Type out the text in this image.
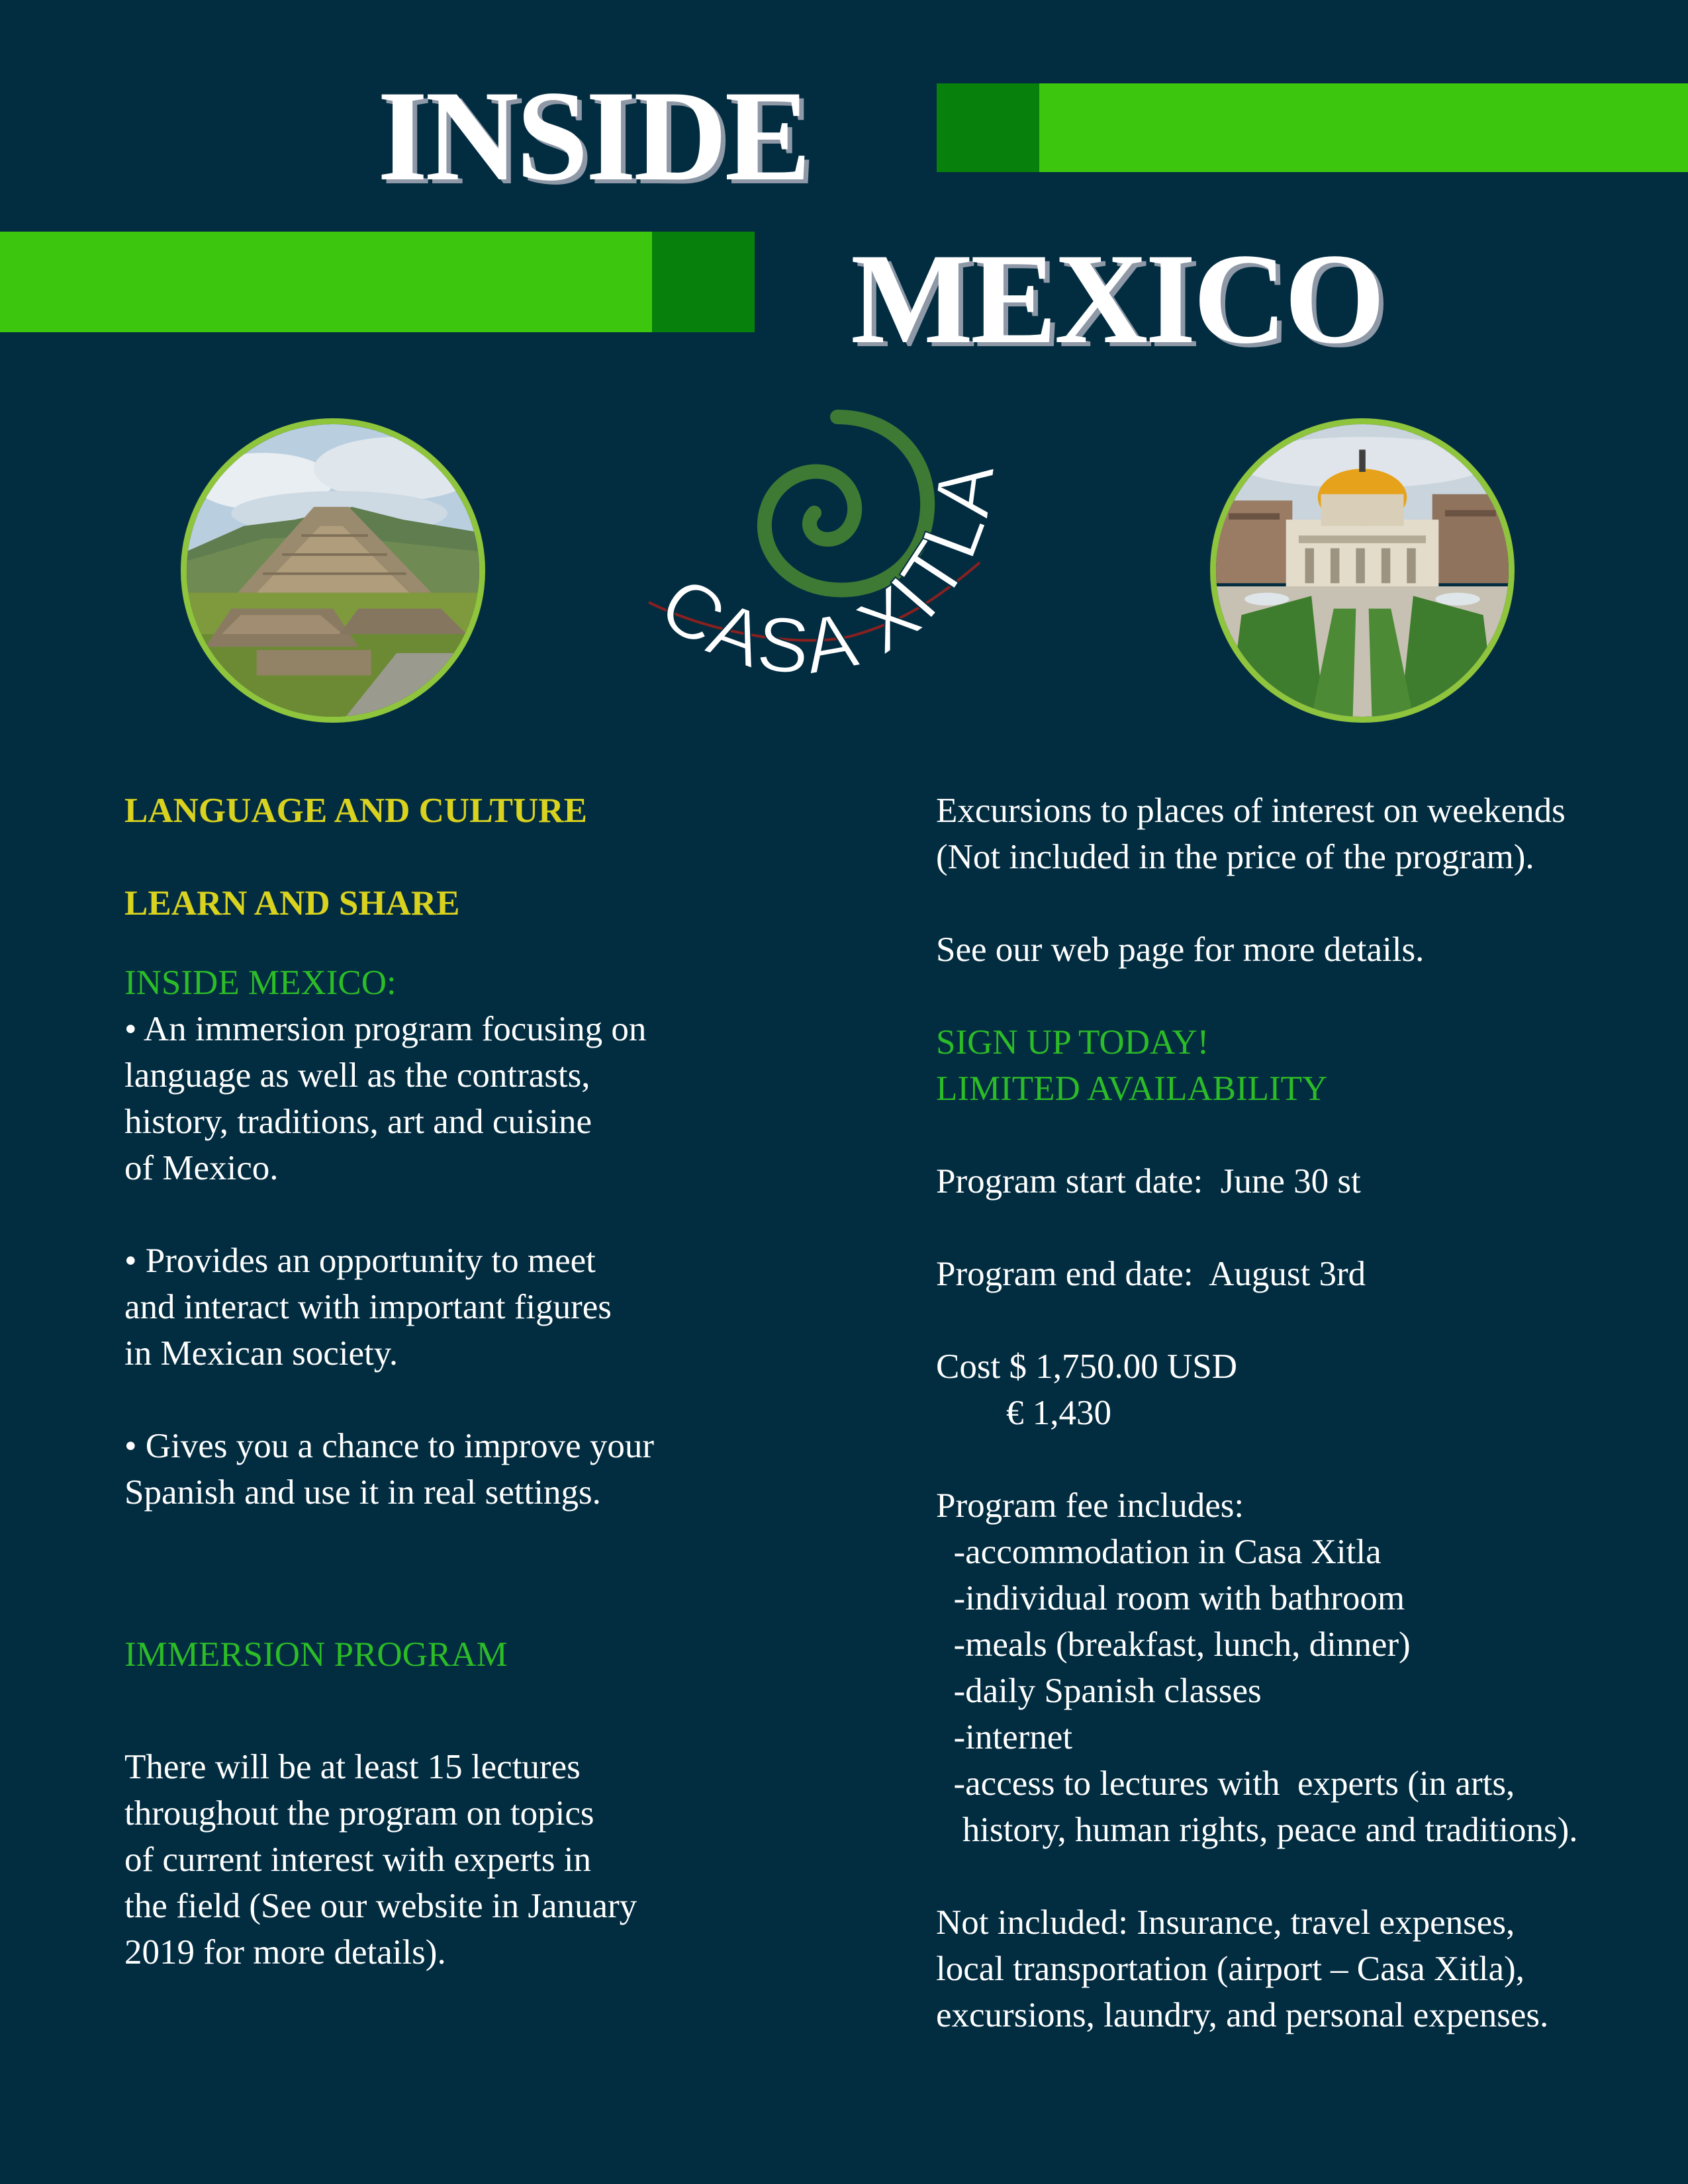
INSIDE
MEXICO
CASA XITLA
LANGUAGE AND CULTURE
LEARN AND SHARE
INSIDE MEXICO:
• An immersion program focusing on
language as well as the contrasts,
history, traditions, art and cuisine
of Mexico.
• Provides an opportunity to meet
and interact with important figures
in Mexican society.
• Gives you a chance to improve your
Spanish and use it in real settings.
IMMERSION PROGRAM
There will be at least 15 lectures
throughout the program on topics
of current interest with experts in
the field (See our website in January
2019 for more details).
Excursions to places of interest on weekends
(Not included in the price of the program).
See our web page for more details.
SIGN UP TODAY!
LIMITED AVAILABILITY
Program start date:  June 30 st
Program end date:  August 3rd
Cost $ 1,750.00 USD
€ 1,430
Program fee includes:
-accommodation in Casa Xitla
-individual room with bathroom
-meals (breakfast, lunch, dinner)
-daily Spanish classes
-internet
-access to lectures with  experts (in arts,
history, human rights, peace and traditions).
Not included: Insurance, travel expenses,
local transportation (airport – Casa Xitla),
excursions, laundry, and personal expenses.
